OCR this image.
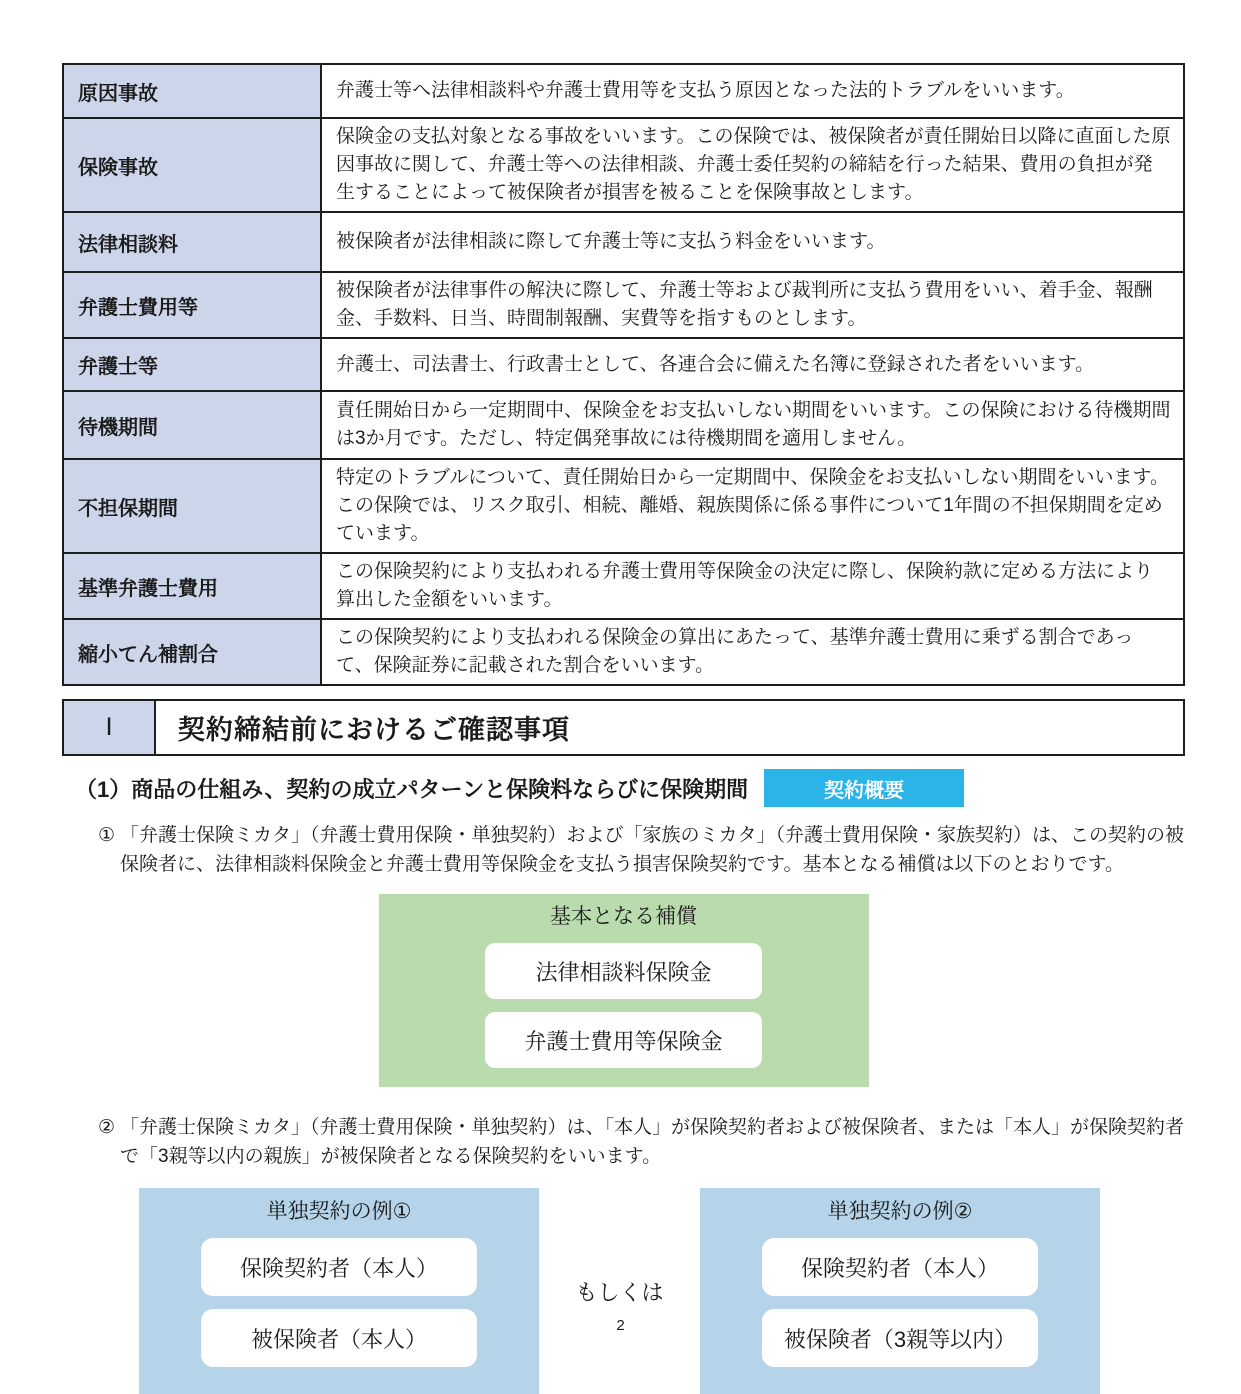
原因事故	弁護士等へ法律相談料や弁護士費用等を支払う原因となった法的トラブルをいいます。
保険事故	保険金の支払対象となる事故をいいます。この保険では、被保険者が責任開始日以降に直面した原因事故に関して、弁護士等への法律相談、弁護士委任契約の締結を行った結果、費用の負担が発生することによって被保険者が損害を被ることを保険事故とします。
法律相談料	被保険者が法律相談に際して弁護士等に支払う料金をいいます。
弁護士費用等	被保険者が法律事件の解決に際して、弁護士等および裁判所に支払う費用をいい、着手金、報酬金、手数料、日当、時間制報酬、実費等を指すものとします。
弁護士等	弁護士、司法書士、行政書士として、各連合会に備えた名簿に登録された者をいいます。
待機期間	責任開始日から一定期間中、保険金をお支払いしない期間をいいます。この保険における待機期間は3か月です。ただし、特定偶発事故には待機期間を適用しません。
不担保期間	特定のトラブルについて、責任開始日から一定期間中、保険金をお支払いしない期間をいいます。この保険では、リスク取引、相続、離婚、親族関係に係る事件について1年間の不担保期間を定めています。
基準弁護士費用	この保険契約により支払われる弁護士費用等保険金の決定に際し、保険約款に定める方法により算出した金額をいいます。
縮小てん補割合	この保険契約により支払われる保険金の算出にあたって、基準弁護士費用に乗ずる割合であって、保険証券に記載された割合をいいます。
Ⅰ	契約締結前におけるご確認事項
（1）商品の仕組み、契約の成立パターンと保険料ならびに保険期間	契約概要
① 「弁護士保険ミカタ」（弁護士費用保険・単独契約）および「家族のミカタ」（弁護士費用保険・家族契約）は、この契約の被保険者に、法律相談料保険金と弁護士費用等保険金を支払う損害保険契約です。基本となる補償は以下のとおりです。
基本となる補償
法律相談料保険金
弁護士費用等保険金
② 「弁護士保険ミカタ」（弁護士費用保険・単独契約）は、「本人」が保険契約者および被保険者、または「本人」が保険契約者で「3親等以内の親族」が被保険者となる保険契約をいいます。
単独契約の例①
保険契約者（本人）
被保険者（本人）
もしくは
単独契約の例②
保険契約者（本人）
被保険者（3親等以内）
2
